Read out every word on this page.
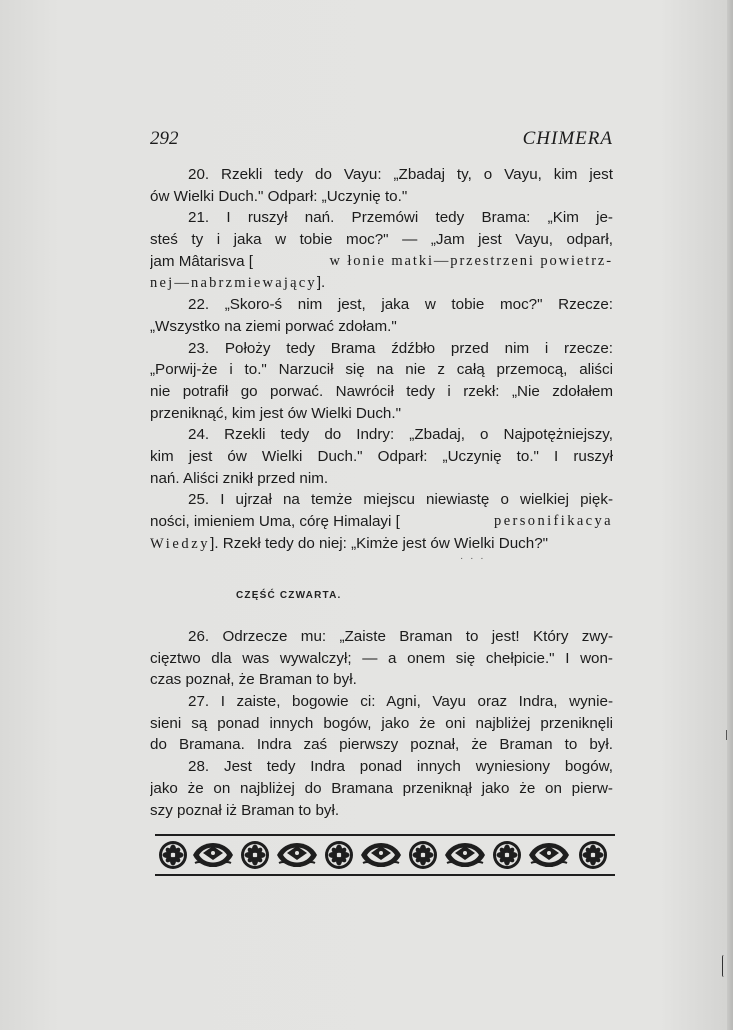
292	CHIMERA
20. Rzekli tedy do Vayu: „Zbadaj ty, o Vayu, kim jest
ów Wielki Duch." Odparł: „Uczynię to."
21. I ruszył nań. Przemówi tedy Brama: „Kim je-
steś ty i jaka w tobie moc?" — „Jam jest Vayu, odparł,
jam Mâtarisva [	w łonie matki—przestrzeni powietrz-
nej—nabrzmiewający].
22. „Skoro-ś nim jest, jaka w tobie moc?" Rzecze:
„Wszystko na ziemi porwać zdołam."
23. Położy tedy Brama źdźbło przed nim i rzecze:
„Porwij-że i to." Narzucił się na nie z całą przemocą, aliści
nie potrafił go porwać. Nawrócił tedy i rzekł: „Nie zdołałem
przeniknąć, kim jest ów Wielki Duch."
24. Rzekli tedy do Indry: „Zbadaj, o Najpotężniejszy,
kim jest ów Wielki Duch." Odparł: „Uczynię to." I ruszył
nań. Aliści znikł przed nim.
25. I ujrzał na temże miejscu niewiastę o wielkiej pięk-
ności, imieniem Uma, córę Himalayi [	personifikacya
Wiedzy]. Rzekł tedy do niej: „Kimże jest ów Wielki Duch?"
· · ·
CZĘŚĆ CZWARTA.
26. Odrzecze mu: „Zaiste Braman to jest! Który zwy-
cięztwo dla was wywalczył; — a onem się chełpicie." I won-
czas poznał, że Braman to był.
27. I zaiste, bogowie ci: Agni, Vayu oraz Indra, wynie-
sieni są ponad innych bogów, jako że oni najbliżej przeniknęli
do Bramana. Indra zaś pierwszy poznał, że Braman to był.
28. Jest tedy Indra ponad innych wyniesiony bogów,
jako że on najbliżej do Bramana przeniknął jako że on pierw-
szy poznał iż Braman to był.
